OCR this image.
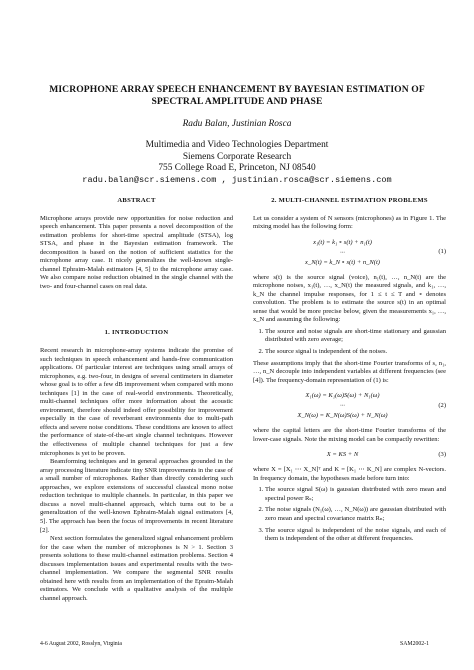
MICROPHONE ARRAY SPEECH ENHANCEMENT BY BAYESIAN ESTIMATION OF
SPECTRAL AMPLITUDE AND PHASE
Radu Balan, Justinian Rosca
Multimedia and Video Technologies Department
Siemens Corporate Research
755 College Road E, Princeton, NJ 08540
radu.balan@scr.siemens.com , justinian.rosca@scr.siemens.com
ABSTRACT

Microphone arrays provide new opportunities for noise reduction and speech enhancement. This paper presents a novel decomposition of the estimation problems for short-time spectral amplitude (STSA), log STSA, and phase in the Bayesian estimation framework. The decomposition is based on the notion of sufficient statistics for the microphone array case. It nicely generalizes the well-known single-channel Ephraim-Malah estimators [4, 5] to the microphone array case. We also compare noise reduction obtained in the single channel with the two- and four-channel cases on real data.

1. INTRODUCTION

Recent research in microphone-array systems indicate the promise of such techniques in speech enhancement and hands-free communication applications. Of particular interest are techniques using small arrays of microphones, e.g. two-four, in designs of several centimeters in diameter whose goal is to offer a few dB improvement when compared with mono techniques [1] in the case of real-world environments. Theoretically, multi-channel techniques offer more information about the acoustic environment, therefore should indeed offer possibility for improvement especially in the case of reverberant environments due to multi-path effects and severe noise conditions. These conditions are known to affect the performance of state-of-the-art single channel techniques. However the effectiveness of multiple channel techniques for just a few microphones is yet to be proven.

Beamforming techniques and in general approaches grounded in the array processing literature indicate tiny SNR improvements in the case of a small number of microphones. Rather than directly considering such approaches, we explore extensions of successful classical mono noise reduction technique to multiple channels. In particular, in this paper we discuss a novel multi-channel approach, which turns out to be a generalization of the well-known Ephraim-Malah signal estimators [4, 5]. The approach has been the focus of improvements in recent literature [2].

Next section formulates the generalized signal enhancement problem for the case when the number of microphones is N > 1. Section 3 presents solutions to these multi-channel estimation problems. Section 4 discusses implementation issues and experimental results with the two-channel implementation. We compare the segmental SNR results obtained here with results from an implementation of the Epraim-Malah estimators. We conclude with a qualitative analysis of the multiple channel approach.

2. MULTI-CHANNEL ESTIMATION PROBLEMS

Let us consider a system of N sensors (microphones) as in Figure 1. The mixing model has the following form:

x₁(t) = k₁ ∘ s(t) + n₁(t)
···
x_N(t) = k_N ∘ s(t) + n_N(t)
(1)

where s(t) is the source signal (voice), n₁(t), …, n_N(t) are the microphone noises, x₁(t), …, x_N(t) the measured signals, and k₁, …, k_N the channel impulse responses, for 1 ≤ t ≤ T and ∘ denotes convolution. The problem is to estimate the source s(t) in an optimal sense that would be more precise below, given the measurements x₁, …, x_N and assuming the following:

1. The source and noise signals are short-time stationary and gaussian distributed with zero average;
2. The source signal is independent of the noises.

These assumptions imply that the short-time Fourier transforms of s, n₁, …, n_N decouple into independent variables at different frequencies (see [4]). The frequency-domain representation of (1) is:

X₁(ω) = K₁(ω)S(ω) + N₁(ω)
···
X_N(ω) = K_N(ω)S(ω) + N_N(ω)
(2)

where the capital letters are the short-time Fourier transforms of the lower-case signals. Note the mixing model can be compactly rewritten:

X = KS + N	(3)

where X = [X₁ ⋯ X_N]ᵀ and K = [K₁ ⋯ K_N] are complex N-vectors. In frequency domain, the hypotheses made before turn into:

1. The source signal S(ω) is gaussian distributed with zero mean and spectral power Rₛ;
2. The noise signals (N₁(ω), …, N_N(ω)) are gaussian distributed with zero mean and spectral covariance matrix Rₙ;
3. The source signal is independent of the noise signals, and each of them is independent of the other at different frequencies.
4-6 August 2002, Rosslyn, Virginia	SAM2002-1
